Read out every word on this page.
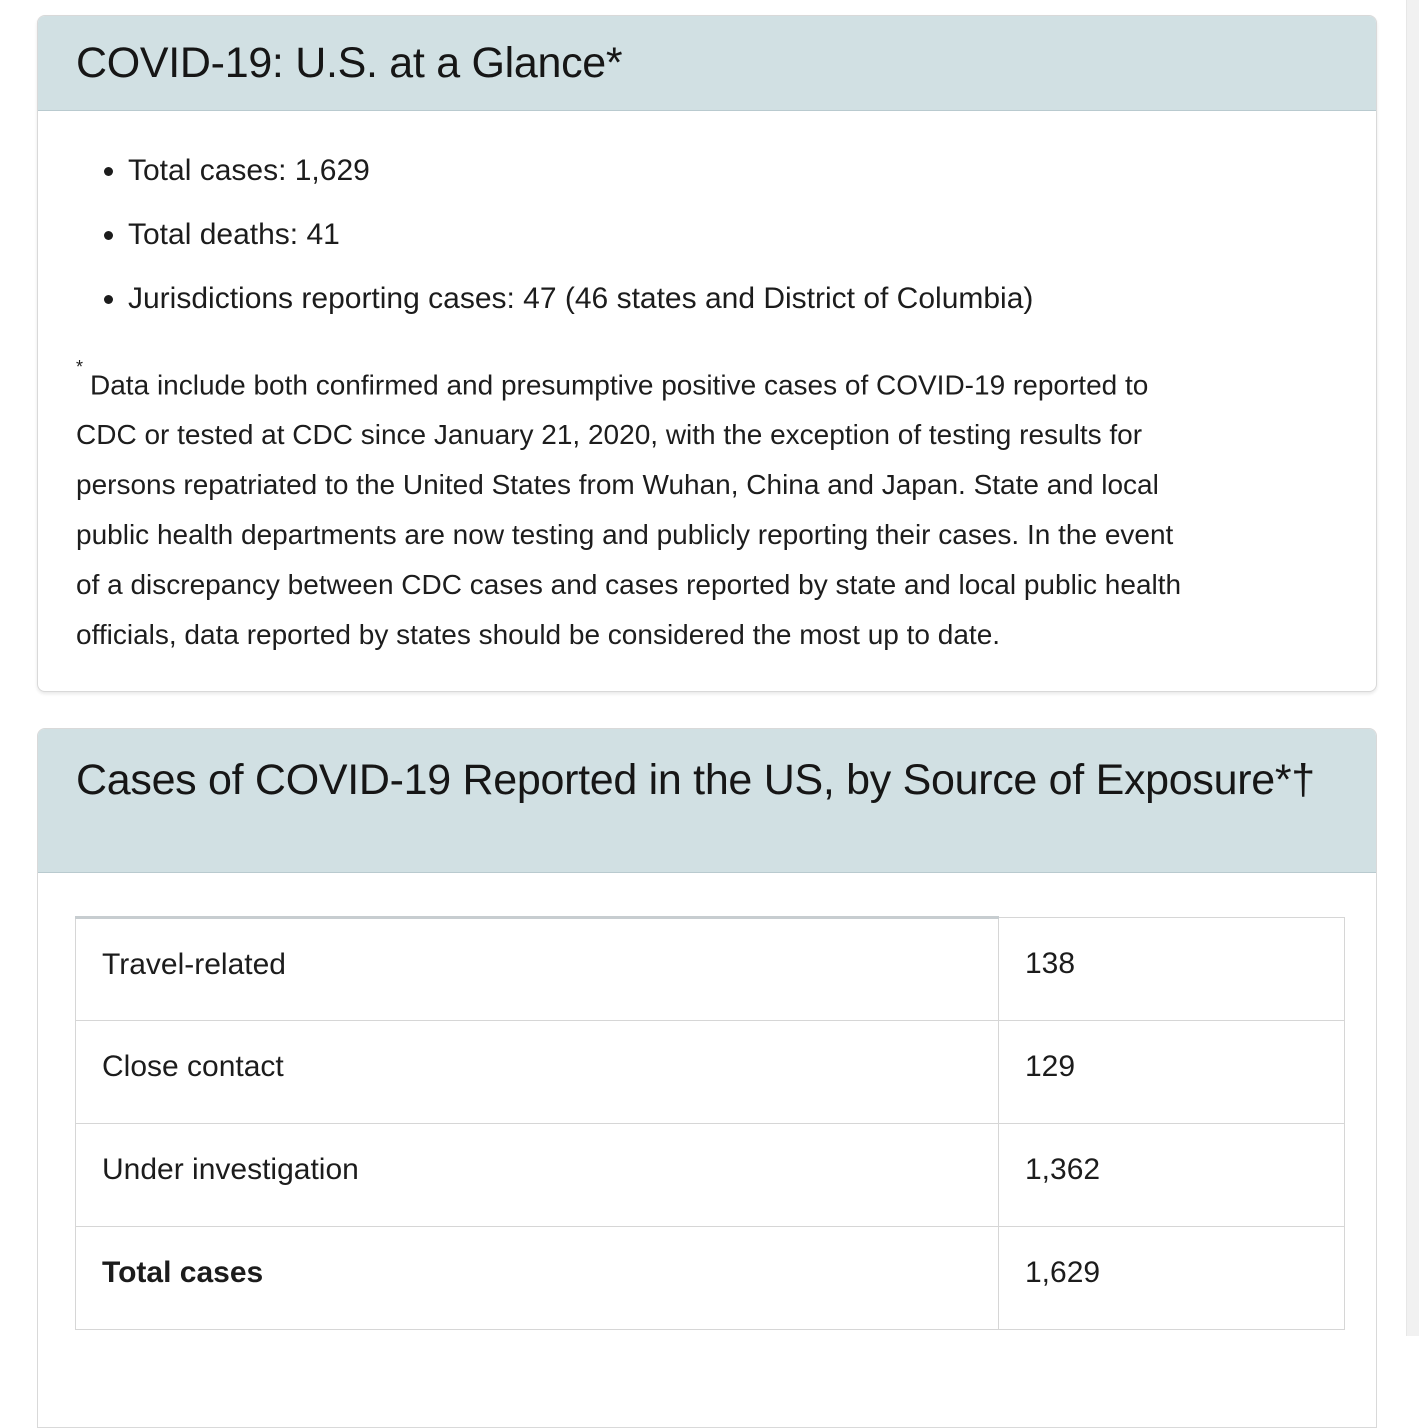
COVID-19: U.S. at a Glance*
• Total cases: 1,629
• Total deaths: 41
• Jurisdictions reporting cases: 47 (46 states and District of Columbia)
*Data include both confirmed and presumptive positive cases of COVID-19 reported to
CDC or tested at CDC since January 21, 2020, with the exception of testing results for
persons repatriated to the United States from Wuhan, China and Japan. State and local
public health departments are now testing and publicly reporting their cases. In the event
of a discrepancy between CDC cases and cases reported by state and local public health
officials, data reported by states should be considered the most up to date.
Cases of COVID-19 Reported in the US, by Source of Exposure*†
Travel-related	138
Close contact	129
Under investigation	1,362
Total cases	1,629
